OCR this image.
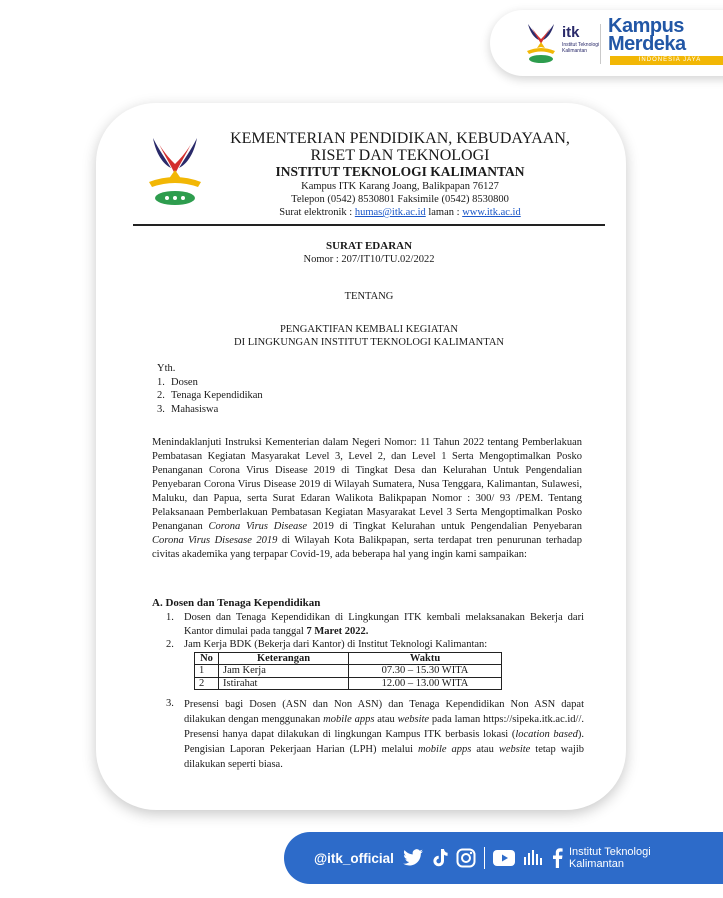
itk
Institut Teknologi Kalimantan
Kampus
Merdeka
INDONESIA JAYA
KEMENTERIAN PENDIDIKAN, KEBUDAYAAN,
RISET DAN TEKNOLOGI
INSTITUT TEKNOLOGI KALIMANTAN
Kampus ITK Karang Joang, Balikpapan 76127
Telepon (0542) 8530801 Faksimile (0542) 8530800
Surat elektronik : humas@itk.ac.id laman : www.itk.ac.id
SURAT EDARAN
Nomor : 207/IT10/TU.02/2022
TENTANG
PENGAKTIFAN KEMBALI KEGIATAN
DI LINGKUNGAN INSTITUT TEKNOLOGI KALIMANTAN
Yth.
1. Dosen
2. Tenaga Kependidikan
3. Mahasiswa

Menindaklanjuti Instruksi Kementerian dalam Negeri Nomor: 11 Tahun 2022 tentang Pemberlakuan Pembatasan Kegiatan Masyarakat Level 3, Level 2, dan Level 1 Serta Mengoptimalkan Posko Penanganan Corona Virus Disease 2019 di Tingkat Desa dan Kelurahan Untuk Pengendalian Penyebaran Corona Virus Disease 2019 di Wilayah Sumatera, Nusa Tenggara, Kalimantan, Sulawesi, Maluku, dan Papua, serta Surat Edaran Walikota Balikpapan Nomor : 300/ 93 /PEM. Tentang Pelaksanaan Pemberlakuan Pembatasan Kegiatan Masyarakat Level 3 Serta Mengoptimalkan Posko Penanganan Corona Virus Disease 2019 di Tingkat Kelurahan untuk Pengendalian Penyebaran Corona Virus Disesase 2019 di Wilayah Kota Balikpapan, serta terdapat tren penurunan terhadap civitas akademika yang terpapar Covid-19, ada beberapa hal yang ingin kami sampaikan:

A. Dosen dan Tenaga Kependidikan
1. Dosen dan Tenaga Kependidikan di Lingkungan ITK kembali melaksanakan Bekerja dari Kantor dimulai pada tanggal 7 Maret 2022.
2. Jam Kerja BDK (Bekerja dari Kantor) di Institut Teknologi Kalimantan:
No	Keterangan	Waktu
1	Jam Kerja	07.30 – 15.30 WITA
2	Istirahat	12.00 – 13.00 WITA
3. Presensi bagi Dosen (ASN dan Non ASN) dan Tenaga Kependidikan Non ASN dapat dilakukan dengan menggunakan mobile apps atau website pada laman https://sipeka.itk.ac.id//. Presensi hanya dapat dilakukan di lingkungan Kampus ITK berbasis lokasi (location based). Pengisian Laporan Pekerjaan Harian (LPH) melalui mobile apps atau website tetap wajib dilakukan seperti biasa.
@itk_official	Institut Teknologi
Kalimantan
